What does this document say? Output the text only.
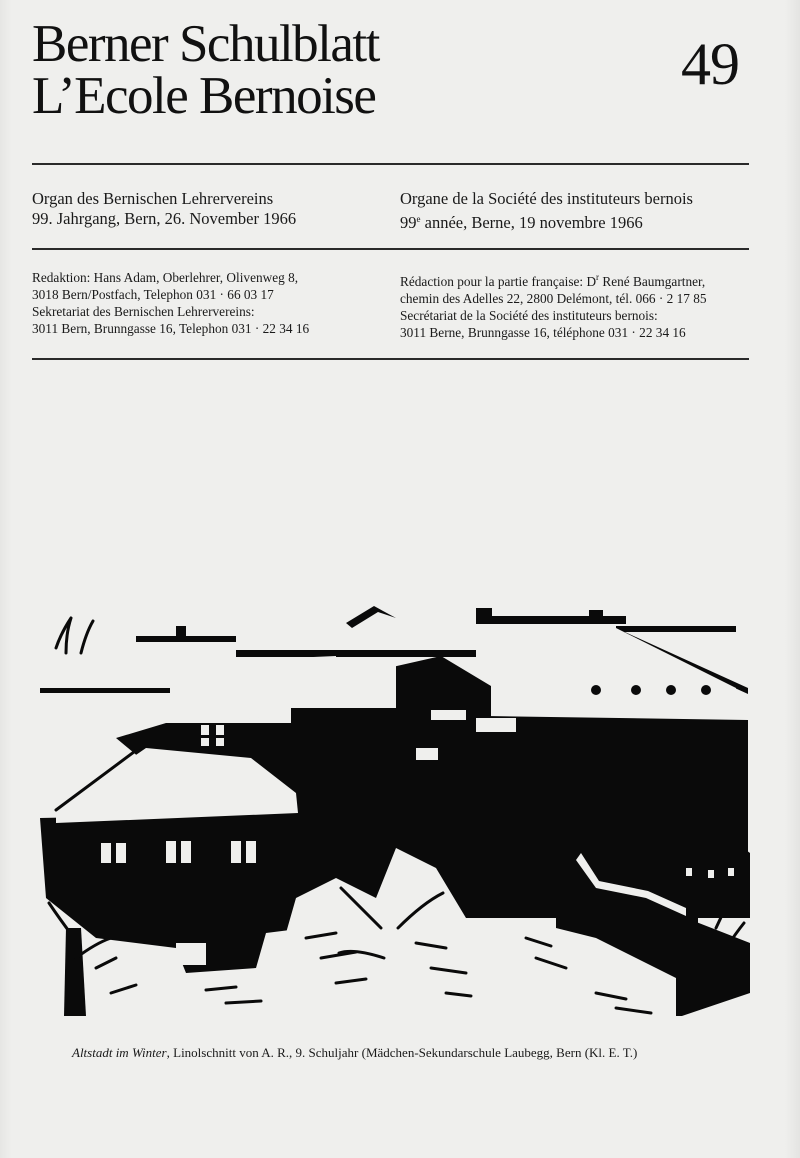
Berner Schulblatt
L’Ecole Bernoise	49
Organ des Bernischen Lehrervereins
99. Jahrgang, Bern, 26. November 1966
Organe de la Société des instituteurs bernois
99e année, Berne, 19 novembre 1966
Redaktion: Hans Adam, Oberlehrer, Olivenweg 8,
3018 Bern/Postfach, Telephon 031 · 66 03 17
Sekretariat des Bernischen Lehrervereins:
3011 Bern, Brunngasse 16, Telephon 031 · 22 34 16
Rédaction pour la partie française: $D^r$ René Baumgartner,
chemin des Adelles 22, 2800 Delémont, tél. 066 · 2 17 85
Secrétariat de la Société des instituteurs bernois:
3011 Berne, Brunngasse 16, téléphone 031 · 22 34 16
Altstadt im Winter, Linolschnitt von A. R., 9. Schuljahr (Mädchen-Sekundarschule Laubegg, Bern (Kl. E. T.)
